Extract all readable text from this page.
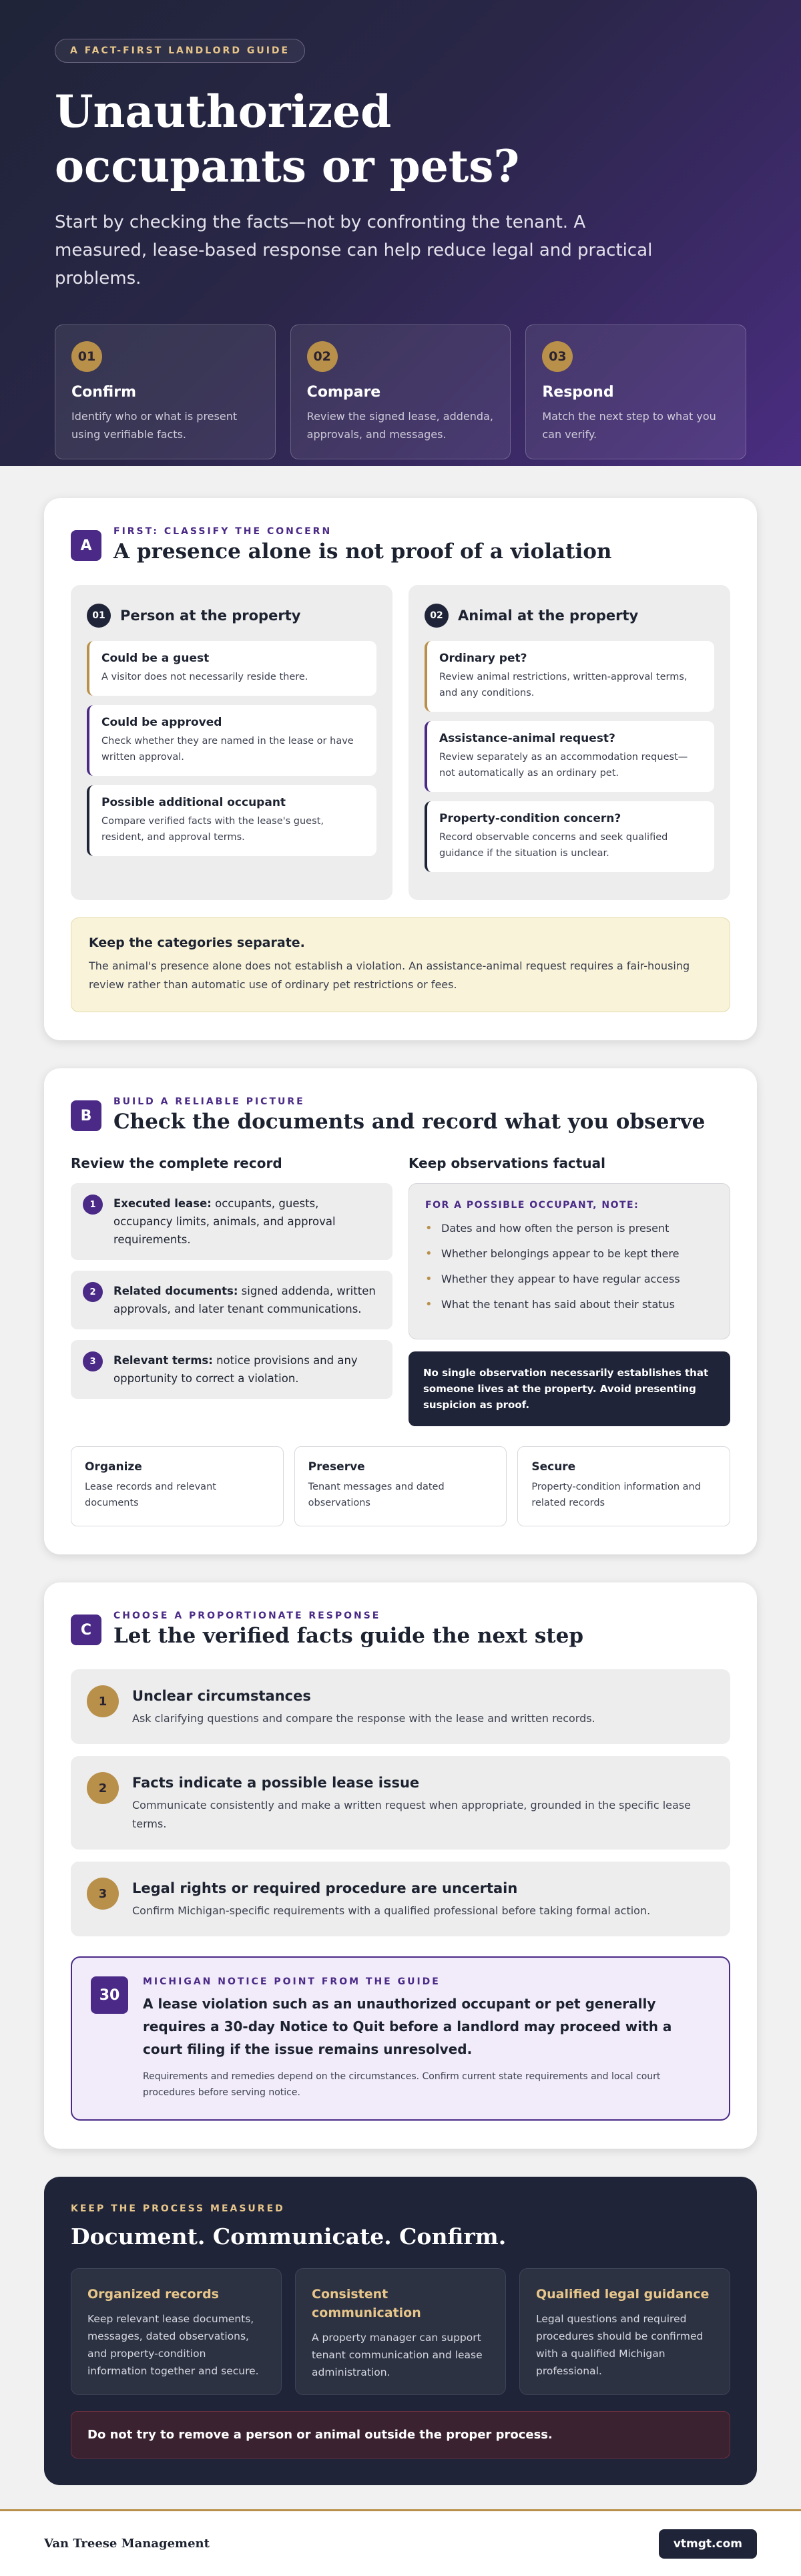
A FACT-FIRST LANDLORD GUIDE
Unauthorized occupants or pets?

Start by checking the facts—not by confronting the tenant. A measured, lease-based response can help reduce legal and practical problems.

01
Confirm

Identify who or what is present using verifiable facts.

02
Compare

Review the signed lease, addenda, approvals, and messages.

03
Respond

Match the next step to what you can verify.

A
FIRST: CLASSIFY THE CONCERN
A presence alone is not proof of a violation
01	Person at the property
Could be a guest

A visitor does not necessarily reside there.

Could be approved

Check whether they are named in the lease or have written approval.

Possible additional occupant

Compare verified facts with the lease's guest, resident, and approval terms.

02	Animal at the property
Ordinary pet?

Review animal restrictions, written-approval terms, and any conditions.

Assistance-animal request?

Review separately as an accommodation request—not automatically as an ordinary pet.

Property-condition concern?

Record observable concerns and seek qualified guidance if the situation is unclear.

Keep the categories separate.

The animal's presence alone does not establish a violation. An assistance-animal request requires a fair-housing review rather than automatic use of ordinary pet restrictions or fees.

B
BUILD A RELIABLE PICTURE
Check the documents and record what you observe
Review the complete record
1	Executed lease: occupants, guests, occupancy limits, animals, and approval requirements.

2	Related documents: signed addenda, written approvals, and later tenant communications.

3	Relevant terms: notice provisions and any opportunity to correct a violation.

Keep observations factual
FOR A POSSIBLE OCCUPANT, NOTE:
• Dates and how often the person is present
• Whether belongings appear to be kept there
• Whether they appear to have regular access
• What the tenant has said about their status
No single observation necessarily establishes that someone lives at the property. Avoid presenting suspicion as proof.
Organize

Lease records and relevant documents

Preserve

Tenant messages and dated observations

Secure

Property-condition information and related records

C
CHOOSE A PROPORTIONATE RESPONSE
Let the verified facts guide the next step
1	Unclear circumstances

Ask clarifying questions and compare the response with the lease and written records.

2	Facts indicate a possible lease issue

Communicate consistently and make a written request when appropriate, grounded in the specific lease terms.

3	Legal rights or required procedure are uncertain

Confirm Michigan-specific requirements with a qualified professional before taking formal action.

30
MICHIGAN NOTICE POINT FROM THE GUIDE
A lease violation such as an unauthorized occupant or pet generally requires a 30-day Notice to Quit before a landlord may proceed with a court filing if the issue remains unresolved.

Requirements and remedies depend on the circumstances. Confirm current state requirements and local court procedures before serving notice.

KEEP THE PROCESS MEASURED
Document. Communicate. Confirm.
Organized records

Keep relevant lease documents, messages, dated observations, and property-condition information together and secure.

Consistent communication

A property manager can support tenant communication and lease administration.

Qualified legal guidance

Legal questions and required procedures should be confirmed with a qualified Michigan professional.

Do not try to remove a person or animal outside the proper process.
Van Treese Management	vtmgt.com
